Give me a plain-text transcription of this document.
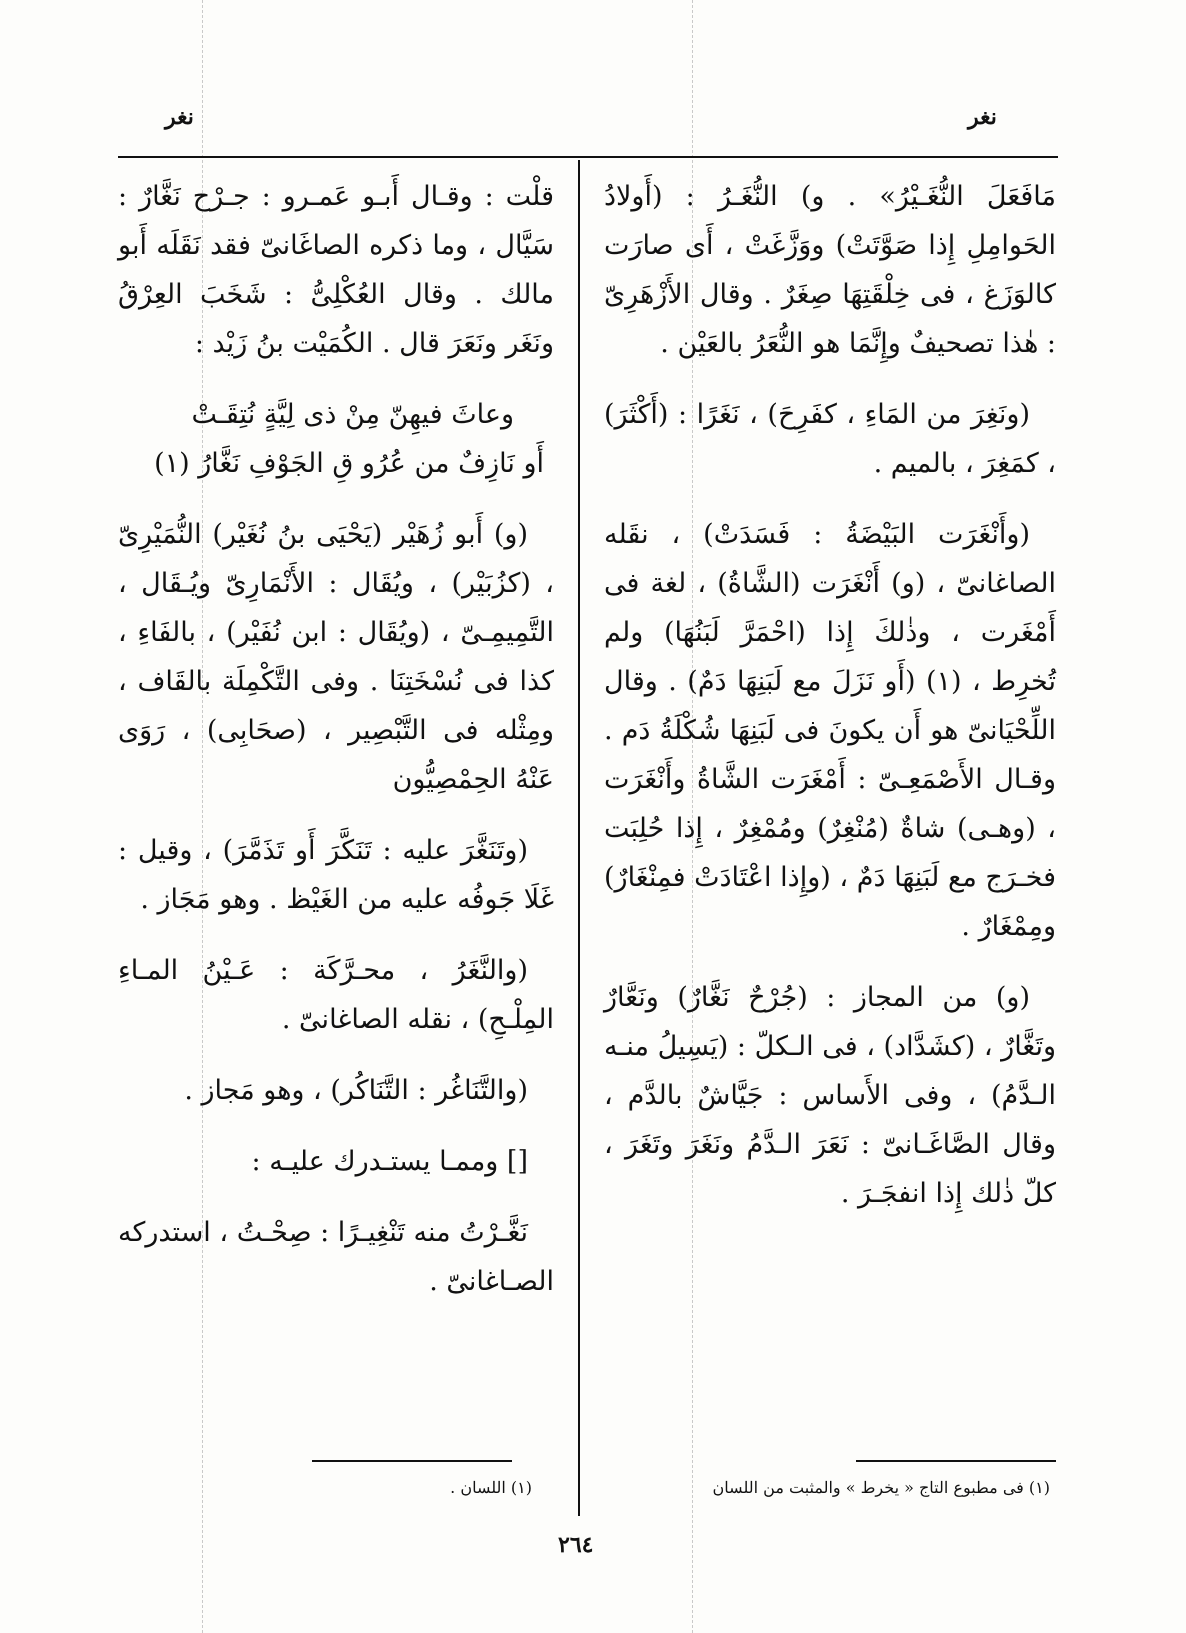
نغر
نغر

مَافَعَلَ النُّغَـيْرُ» . و) النُّغَـرُ : (أَولادُ الحَوامِلِ إِذا صَوَّتَتْ) ووَزَّغَتْ ، أَى صارَت كالوَزَغ ، فى خِلْقَتِهَا صِغَرٌ . وقال الأَزْهَرِىّ : هٰذا تصحيفٌ وإِنَّمَا هو النُّعَرُ بالعَيْن .

(ونَغِرَ من المَاءِ ، كفَرِحَ) ، نَغَرًا : (أَكْثَرَ) ، كمَغِرَ ، بالميم .

(وأَنْغَرَت البَيْضَةُ : فَسَدَتْ) ، نقَله الصاغانىّ ، (و) أَنْغَرَت (الشَّاةُ) ، لغة فى أَمْغَرت ، وذٰلكَ إِذا (احْمَرَّ لَبَنُهَا) ولم تُخرِط ، (١) (أَو نَزَلَ مع لَبَنِهَا دَمٌ) . وقال اللِّحْيَانىّ هو أَن يكونَ فى لَبَنِهَا شُكْلَةُ دَم . وقـال الأَصْمَعِـىّ : أَمْغَرَت الشَّاةُ وأَنْغَرَت ، (وهـى) شاةٌ (مُنْغِرٌ) ومُمْغِرٌ ، إِذا حُلِبَت فخـرَج مع لَبَنِهَا دَمٌ ، (وإِذا اعْتَادَتْ فمِنْغَارٌ) ومِمْغَارٌ .

(و) من المجاز : (جُرْحٌ نَغَّارٌ) ونَعَّارٌ وتَغَّارٌ ، (كشَدَّاد) ، فى الـكلّ : (يَسِيلُ منـه الـدَّمُ) ، وفى الأَساس : جَيَّاشٌ بالدَّم ، وقال الصَّاغَـانىّ : نَعَرَ الـدَّمُ ونَغَرَ وتَغَرَ ، كلّ ذٰلك إِذا انفجَـرَ .

قلْت : وقـال أَبـو عَمـرو : جـرْح نَغَّارٌ : سَيَّال ، وما ذكره الصاغَانىّ فقد نَقَلَه أَبو مالك . وقال العُكْلِىُّ : شَخَبَ العِرْقُ ونَغَر ونَعَرَ قال . الكُمَيْت بنُ زَيْد :

وعاثَ فيهِنّ مِنْ ذى لِيَّةٍ نُتِقَـتْ
أَو نَازِفٌ من عُرُو قِ الجَوْفِ نَغَّارُ (١)

(و) أَبو زُهَيْر (يَحْيَى بنُ نُغَيْر) النُّمَيْرِىّ ، (كزُبَيْر) ، ويُقَال : الأَنْمَارِىّ ويُـقَال ، التَّمِيمِـىّ ، (ويُقَال : ابن نُفَيْر) ، بالفَاءِ ، كذا فى نُسْخَتِنَا . وفى التَّكْمِلَة بالقَاف ، ومِثْله فى التَّبْصِير ، (صحَابِى) ، رَوَى عَنْهُ الحِمْصِيُّون

(وتَنَغَّرَ عليه : تَنَكَّرَ أَو تَذَمَّرَ) ، وقيل : غَلَا جَوفُه عليه من الغَيْظ . وهو مَجَاز .

(والنَّغَرُ ، محـرَّكَة : عَـيْنُ المـاءِ المِلْـحِ) ، نقله الصاغانىّ .

(والتَّنَاغُر : التَّنَاكُر) ، وهو مَجاز .

[] وممـا يستـدرك عليـه :

نَغَّـرْتُ منه تَنْغِيـرًا : صِحْـتُ ، استدركه الصـاغانىّ .

(١) اللسان .	(١) فى مطبوع التاج « يخرط » والمثبت من اللسان
٢٦٤
